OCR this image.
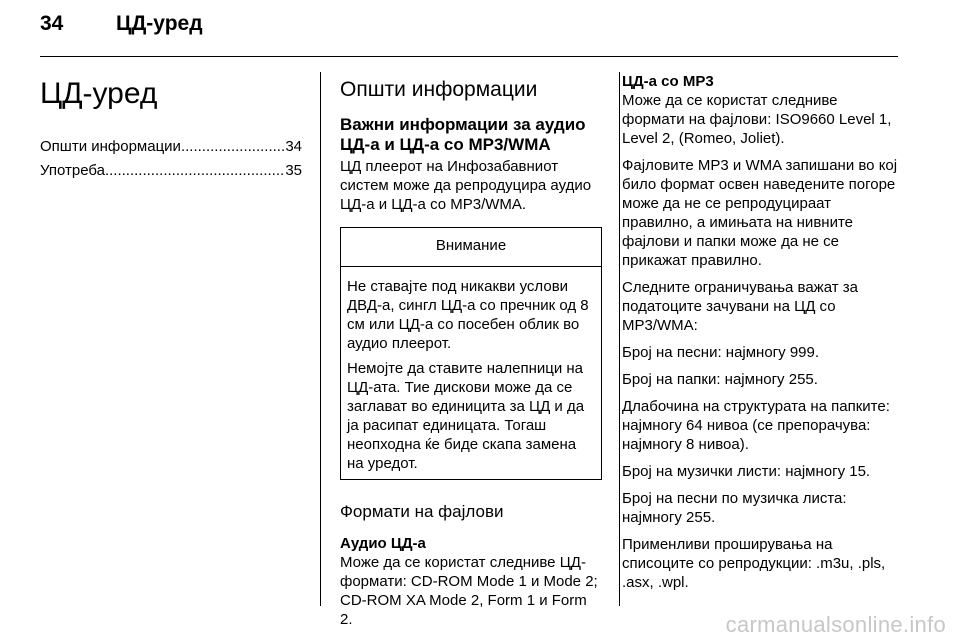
34	ЦД-уред
ЦД-уред
Општи информации .....	34
Употреба .....	35
Општи информации
Важни информации за аудио ЦД-а и ЦД-а со MP3/WMA

ЦД плеерот на Инфозабавниот систем може да репродуцира аудио ЦД-а и ЦД-а со MP3/WMA.

Внимание

Не ставајте под никакви услови ДВД-а, сингл ЦД-а со пречник од 8 см или ЦД-а со посебен облик во аудио плеерот.

Немојте да ставите налепници на ЦД-ата. Тие дискови може да се заглават во единицита за ЦД и да ја расипат единицата. Тогаш неопходна ќе биде скапа замена на уредот.

Формати на фајлови
Аудио ЦД-а

Може да се користат следниве ЦД-формати: CD-ROM Mode 1 и Mode 2; CD-ROM XA Mode 2, Form 1 и Form 2.

ЦД-а со MP3

Може да се користат следниве формати на фајлови: ISO9660 Level 1, Level 2, (Romeo, Joliet).

Фајловите MP3 и WMA запишани во кој било формат освен наведените погоре може да не се репродуцираат правилно, а имињата на нивните фајлови и папки може да не се прикажат правилно.

Следните ограничувања важат за податоците зачувани на ЦД со MP3/WMA:

Број на песни: најмногу 999.

Број на папки: најмногу 255.

Длабочина на структурата на папките: најмногу 64 нивоа (се препорачува: најмногу 8 нивоа).

Број на музички листи: најмногу 15.

Број на песни по музичка листа: најмногу 255.

Применливи проширувања на списоците со репродукции: .m3u, .pls, .asx, .wpl.

carmanualsonline.info
